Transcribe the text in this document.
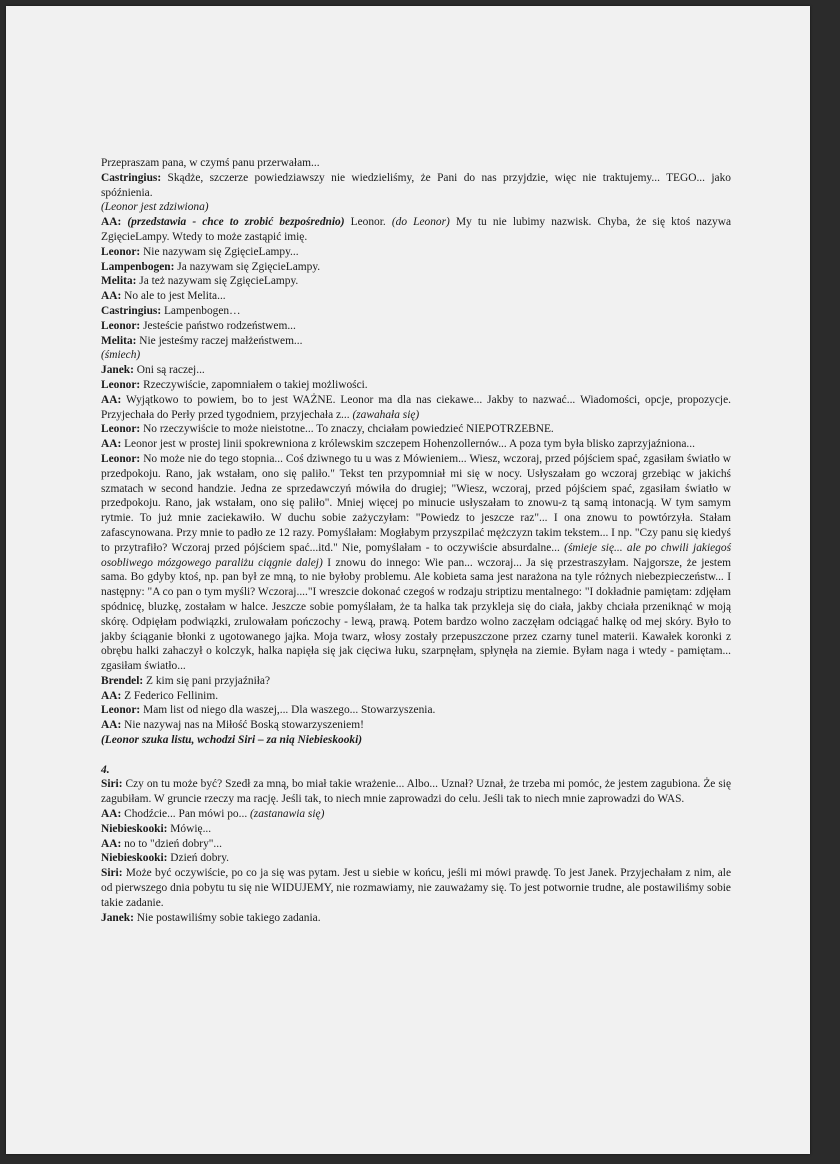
Przepraszam pana, w czymś panu przerwałam...

Castringius: Skądże, szczerze powiedziawszy nie wiedzieliśmy, że Pani do nas przyjdzie, więc nie traktujemy... TEGO... jako spóźnienia.

(Leonor jest zdziwiona)

AA: (przedstawia - chce to zrobić bezpośrednio) Leonor. (do Leonor) My tu nie lubimy nazwisk. Chyba, że się ktoś nazywa ZgięcieLampy. Wtedy to może zastąpić imię.

Leonor: Nie nazywam się ZgięcieLampy...

Lampenbogen: Ja nazywam się ZgięcieLampy.

Melita: Ja też nazywam się ZgięcieLampy.

AA: No ale to jest Melita...

Castringius: Lampenbogen…

Leonor: Jesteście państwo rodzeństwem...

Melita: Nie jesteśmy raczej małżeństwem...

(śmiech)

Janek: Oni są raczej...

Leonor: Rzeczywiście, zapomniałem o takiej możliwości.

AA: Wyjątkowo to powiem, bo to jest WAŻNE. Leonor ma dla nas ciekawe... Jakby to nazwać... Wiadomości, opcje, propozycje. Przyjechała do Perły przed tygodniem, przyjechała z... (zawahała się)

Leonor: No rzeczywiście to może nieistotne... To znaczy, chciałam powiedzieć NIEPOTRZEBNE.

AA: Leonor jest w prostej linii spokrewniona z królewskim szczepem Hohenzollernów... A poza tym była blisko zaprzyjaźniona...

Leonor: No może nie do tego stopnia... Coś dziwnego tu u was z Mówieniem... Wiesz, wczoraj, przed pójściem spać, zgasiłam światło w przedpokoju. Rano, jak wstałam, ono się paliło." Tekst ten przypomniał mi się w nocy. Usłyszałam go wczoraj grzebiąc w jakichś szmatach w second handzie. Jedna ze sprzedawczyń mówiła do drugiej; "Wiesz, wczoraj, przed pójściem spać, zgasiłam światło w przedpokoju. Rano, jak wstałam, ono się paliło". Mniej więcej po minucie usłyszałam to znowu-z tą samą intonacją. W tym samym rytmie. To już mnie zaciekawiło. W duchu sobie zażyczyłam: "Powiedz to jeszcze raz"... I ona znowu to powtórzyła. Stałam zafascynowana. Przy mnie to padło ze 12 razy. Pomyślałam: Mogłabym przyszpilać mężczyzn takim tekstem... I np. "Czy panu się kiedyś to przytrafiło? Wczoraj przed pójściem spać...itd." Nie, pomyślałam - to oczywiście absurdalne... (śmieje się... ale po chwili jakiegoś osobliwego mózgowego paraliżu ciągnie dalej) I znowu do innego: Wie pan... wczoraj... Ja się przestraszyłam. Najgorsze, że jestem sama. Bo gdyby ktoś, np. pan był ze mną, to nie byłoby problemu. Ale kobieta sama jest narażona na tyle różnych niebezpieczeństw... I następny: "A co pan o tym myśli? Wczoraj...."I wreszcie dokonać czegoś w rodzaju striptizu mentalnego: "I dokładnie pamiętam: zdjęłam spódnicę, bluzkę, zostałam w halce. Jeszcze sobie pomyślałam, że ta halka tak przykleja się do ciała, jakby chciała przeniknąć w moją skórę. Odpięłam podwiązki, zrulowałam pończochy - lewą, prawą. Potem bardzo wolno zaczęłam odciągać halkę od mej skóry. Było to jakby ściąganie błonki z ugotowanego jajka. Moja twarz, włosy zostały przepuszczone przez czarny tunel materii. Kawałek koronki z obrębu halki zahaczył o kolczyk, halka napięła się jak cięciwa łuku, szarpnęłam, spłynęła na ziemie. Byłam naga i wtedy - pamiętam... zgasiłam światło...

Brendel: Z kim się pani przyjaźniła?

AA: Z Federico Fellinim.

Leonor: Mam list od niego dla waszej,... Dla waszego... Stowarzyszenia.

AA: Nie nazywaj nas na Miłość Boską stowarzyszeniem!

(Leonor szuka listu, wchodzi Siri – za nią Niebieskooki)

4.

Siri: Czy on tu może być? Szedł za mną, bo miał takie wrażenie... Albo... Uznał? Uznał, że trzeba mi pomóc, że jestem zagubiona. Że się zagubiłam. W gruncie rzeczy ma rację. Jeśli tak, to niech mnie zaprowadzi do celu. Jeśli tak to niech mnie zaprowadzi do WAS.

AA: Chodźcie... Pan mówi po... (zastanawia się)

Niebieskooki: Mówię...

AA: no to "dzień dobry"...

Niebieskooki: Dzień dobry.

Siri: Może być oczywiście, po co ja się was pytam. Jest u siebie w końcu, jeśli mi mówi prawdę. To jest Janek. Przyjechałam z nim, ale od pierwszego dnia pobytu tu się nie WIDUJEMY, nie rozmawiamy, nie zauważamy się. To jest potwornie trudne, ale postawiliśmy sobie takie zadanie.

Janek: Nie postawiliśmy sobie takiego zadania.
